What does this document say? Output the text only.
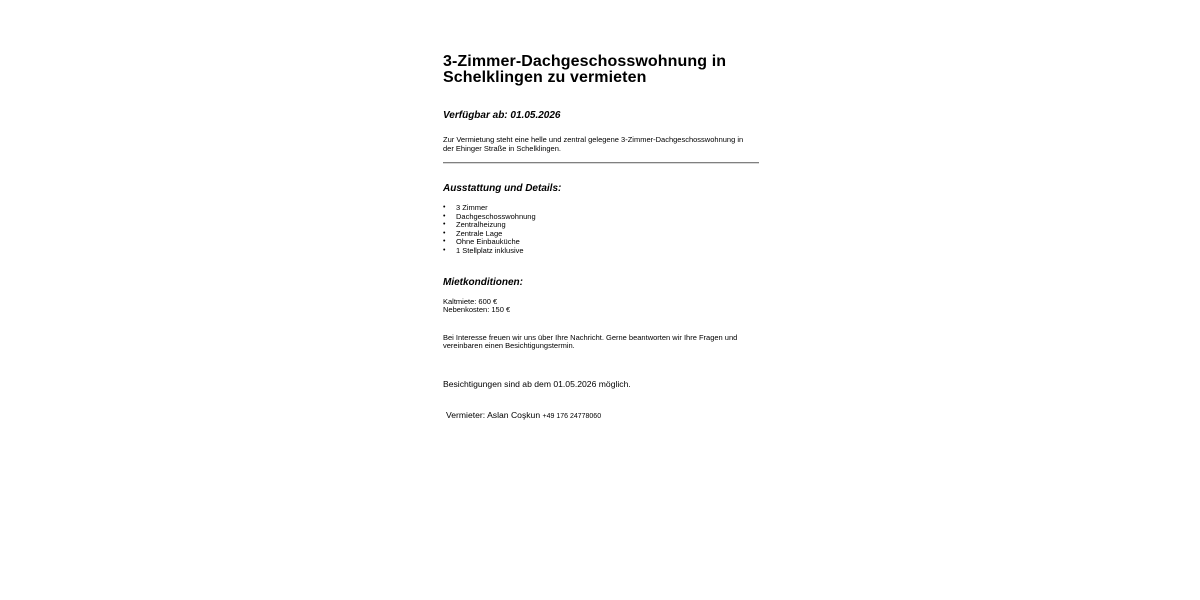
3-Zimmer-Dachgeschosswohnung in Schelklingen zu vermieten

Verfügbar ab: 01.05.2026

Zur Vermietung steht eine helle und zentral gelegene 3-Zimmer-Dachgeschosswohnung in der Ehinger Straße in Schelklingen.

Ausstattung und Details:
• 3 Zimmer
• Dachgeschosswohnung
• Zentralheizung
• Zentrale Lage
• Ohne Einbauküche
• 1 Stellplatz inklusive
Mietkonditionen:
Kaltmiete: 600 €
Nebenkosten: 150 €

Bei Interesse freuen wir uns über Ihre Nachricht. Gerne beantworten wir Ihre Fragen und vereinbaren einen Besichtigungstermin.

Besichtigungen sind ab dem 01.05.2026 möglich.

Vermieter: Aslan Coşkun +49 176 24778060
